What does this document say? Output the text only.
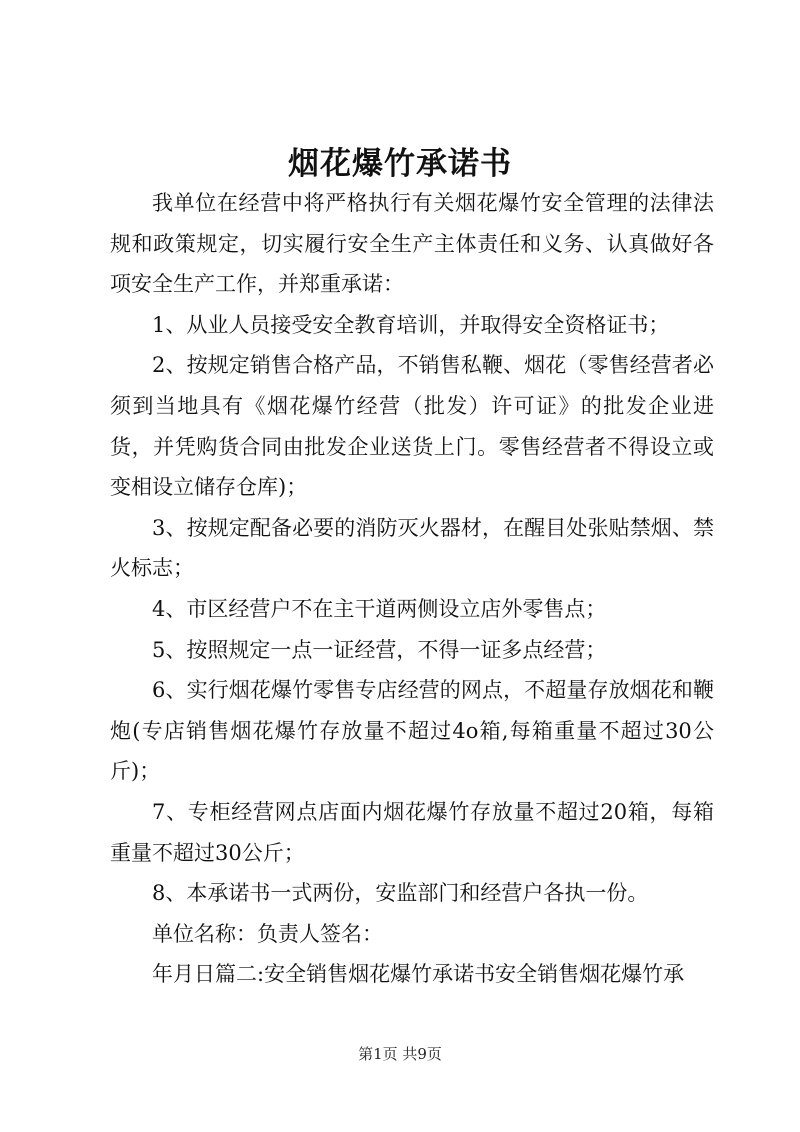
烟花爆竹承诺书

我单位在经营中将严格执行有关烟花爆竹安全管理的法律法规和政策规定，切实履行安全生产主体责任和义务、认真做好各项安全生产工作，并郑重承诺：

1、从业人员接受安全教育培训，并取得安全资格证书；

2、按规定销售合格产品，不销售私鞭、烟花（零售经营者必须到当地具有《烟花爆竹经营（批发）许可证》的批发企业进货，并凭购货合同由批发企业送货上门。零售经营者不得设立或变相设立储存仓库)；

3、按规定配备必要的消防灭火器材，在醒目处张贴禁烟、禁火标志；

4、市区经营户不在主干道两侧设立店外零售点；

5、按照规定一点一证经营，不得一证多点经营；

6、实行烟花爆竹零售专店经营的网点，不超量存放烟花和鞭炮(专店销售烟花爆竹存放量不超过4o箱,每箱重量不超过30公斤)；

7、专柜经营网点店面内烟花爆竹存放量不超过20箱，每箱重量不超过30公斤；

8、本承诺书一式两份，安监部门和经营户各执一份。

单位名称：负责人签名：

年月日篇二:安全销售烟花爆竹承诺书安全销售烟花爆竹承

第1页 共9页
